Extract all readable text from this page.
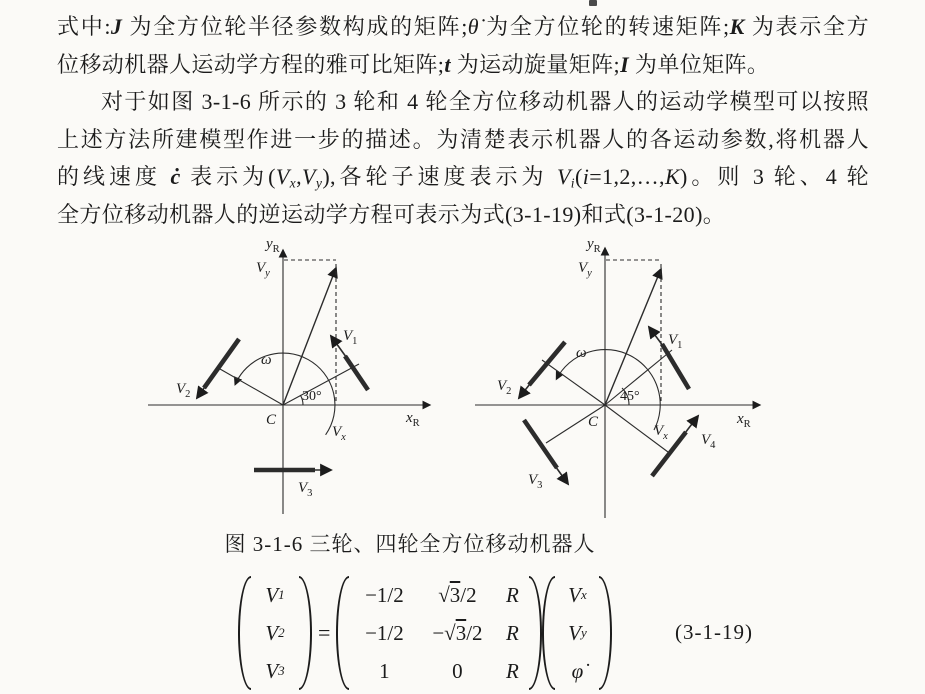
式中:J 为全方位轮半径参数构成的矩阵;θ̇ 为全方位轮的转速矩阵;K 为表示全方
位移动机器人运动学方程的雅可比矩阵;t 为运动旋量矩阵;I 为单位矩阵。
对于如图 3-1-6 所示的 3 轮和 4 轮全方位移动机器人的运动学模型可以按照
上述方法所建模型作进一步的描述。为清楚表示机器人的各运动参数,将机器人
的线速度 ċ 表示为$(V_x,V_y)$,各轮子速度表示为 $V_i(i=1,2,\dots,K)$。则 3 轮、4 轮
全方位移动机器人的逆运动学方程可表示为式(3-1-19)和式(3-1-20)。
$x_R$
$y_R$
$V_y$
$V_x$
ω
30°
C
$V_1$
$V_2$
$V_3$
$x_R$
$y_R$
$V_y$
$V_x$
ω
45°
C
$V_1$
$V_2$
$V_3$
$V_4$
图 3-1-6 三轮、四轮全方位移动机器人
V 1
V 2
V 3
=
−1/2 √ 3 /2 R
−1/2 −√ 3 /2 R
1	0 R
V x
V y
φ̇
(3-1-19)
